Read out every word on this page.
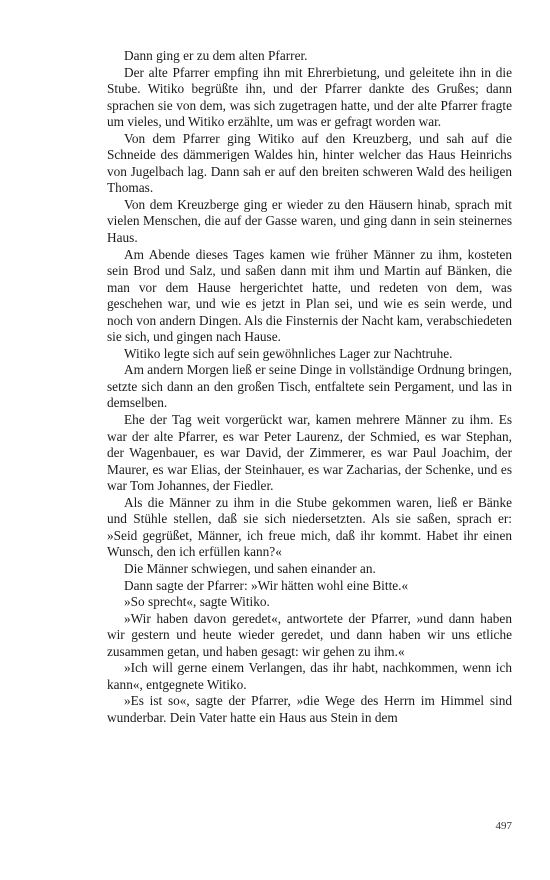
Dann ging er zu dem alten Pfarrer.

Der alte Pfarrer empfing ihn mit Ehrerbietung, und geleitete ihn in die Stube. Witiko begrüßte ihn, und der Pfarrer dankte des Grußes; dann sprachen sie von dem, was sich zugetragen hatte, und der alte Pfarrer fragte um vieles, und Witiko erzählte, um was er gefragt worden war.

Von dem Pfarrer ging Witiko auf den Kreuzberg, und sah auf die Schneide des dämmerigen Waldes hin, hinter welcher das Haus Heinrichs von Jugelbach lag. Dann sah er auf den breiten schweren Wald des heiligen Thomas.

Von dem Kreuzberge ging er wieder zu den Häusern hinab, sprach mit vielen Menschen, die auf der Gasse waren, und ging dann in sein steinernes Haus.

Am Abende dieses Tages kamen wie früher Männer zu ihm, kosteten sein Brod und Salz, und saßen dann mit ihm und Martin auf Bänken, die man vor dem Hause hergerichtet hatte, und redeten von dem, was geschehen war, und wie es jetzt in Plan sei, und wie es sein werde, und noch von andern Dingen. Als die Finsternis der Nacht kam, verabschiedeten sie sich, und gingen nach Hause.

Witiko legte sich auf sein gewöhnliches Lager zur Nachtruhe.

Am andern Morgen ließ er seine Dinge in vollständige Ordnung bringen, setzte sich dann an den großen Tisch, entfaltete sein Pergament, und las in demselben.

Ehe der Tag weit vorgerückt war, kamen mehrere Männer zu ihm. Es war der alte Pfarrer, es war Peter Laurenz, der Schmied, es war Stephan, der Wagenbauer, es war David, der Zimmerer, es war Paul Joachim, der Maurer, es war Elias, der Steinhauer, es war Zacharias, der Schenke, und es war Tom Johannes, der Fiedler.

Als die Männer zu ihm in die Stube gekommen waren, ließ er Bänke und Stühle stellen, daß sie sich niedersetzten. Als sie saßen, sprach er: »Seid gegrüßet, Männer, ich freue mich, daß ihr kommt. Habet ihr einen Wunsch, den ich erfüllen kann?«

Die Männer schwiegen, und sahen einander an.

Dann sagte der Pfarrer: »Wir hätten wohl eine Bitte.«

»So sprecht«, sagte Witiko.

»Wir haben davon geredet«, antwortete der Pfarrer, »und dann haben wir gestern und heute wieder geredet, und dann haben wir uns etliche zusammen getan, und haben gesagt: wir gehen zu ihm.«

»Ich will gerne einem Verlangen, das ihr habt, nachkommen, wenn ich kann«, entgegnete Witiko.

»Es ist so«, sagte der Pfarrer, »die Wege des Herrn im Himmel sind wunderbar. Dein Vater hatte ein Haus aus Stein in dem

497
